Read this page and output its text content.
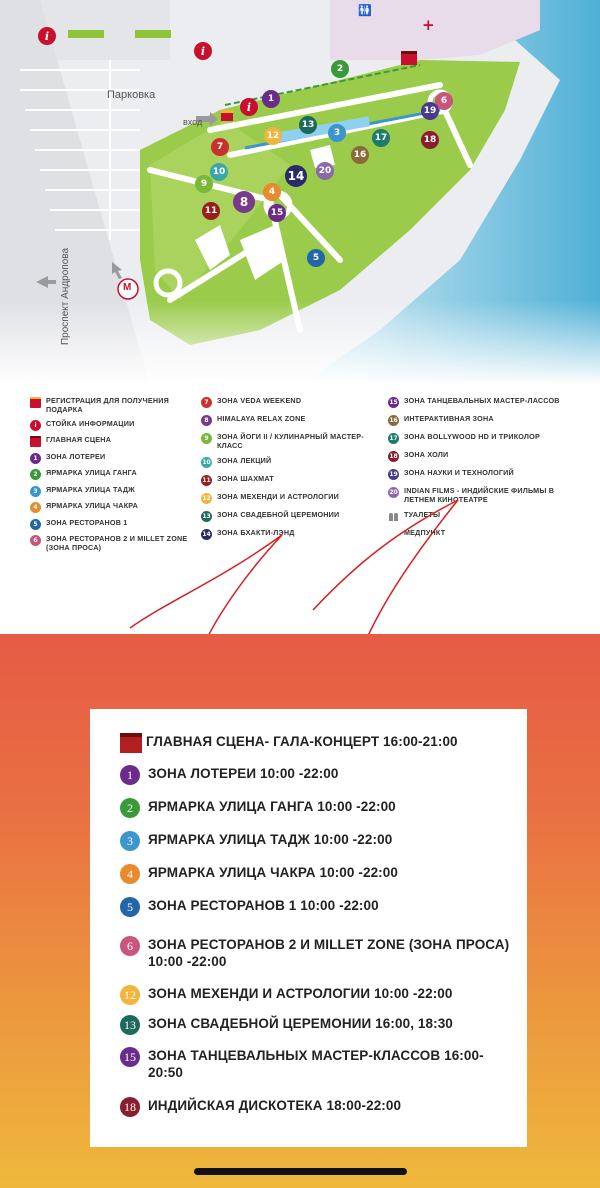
Парковка
вход
Проспект Андропова	М
i
i
i
+
🚻
1
2
3
4
5
6
7
8
9
10
11
12
13
14
15
16
17	18
19
20
РЕГИСТРАЦИЯ ДЛЯ ПОЛУЧЕНИЯ ПОДАРКА
i	СТОЙКА ИНФОРМАЦИИ
ГЛАВНАЯ СЦЕНА
1	ЗОНА ЛОТЕРЕИ
2	ЯРМАРКА УЛИЦА ГАНГА
3	ЯРМАРКА УЛИЦА ТАДЖ
4	ЯРМАРКА УЛИЦА ЧАКРА
5	ЗОНА РЕСТОРАНОВ 1
6	ЗОНА РЕСТОРАНОВ 2 И MILLET ZONE (ЗОНА ПРОСА)
7	ЗОНА VEDA WEEKEND
8	HIMALAYA RELAX ZONE
9	ЗОНА ЙОГИ II / КУЛИНАРНЫЙ МАСТЕР-КЛАСС
10 ЗОНА ЛЕКЦИЙ
11 ЗОНА ШАХМАТ
12 ЗОНА МЕХЕНДИ И АСТРОЛОГИИ
13 ЗОНА СВАДЕБНОЙ ЦЕРЕМОНИИ
14 ЗОНА БХАКТИ-ЛЭНД
15 ЗОНА ТАНЦЕВАЛЬНЫХ МАСТЕР-ЛАССОВ
16 ИНТЕРАКТИВНАЯ ЗОНА
17 ЗОНА BOLLYWOOD HD И ТРИКОЛОР
18 ЗОНА ХОЛИ
19 ЗОНА НАУКИ И ТЕХНОЛОГИЙ
20 INDIAN FILMS - ИНДИЙСКИЕ ФИЛЬМЫ В ЛЕТНЕМ КИНОТЕАТРЕ
ТУАЛЕТЫ
МЕДПУНКТ
ГЛАВНАЯ СЦЕНА- ГАЛА-КОНЦЕРТ 16:00-21:00
1	ЗОНА ЛОТЕРЕИ 10:00 -22:00
2	ЯРМАРКА УЛИЦА ГАНГА 10:00 -22:00
3	ЯРМАРКА УЛИЦА ТАДЖ 10:00 -22:00
4	ЯРМАРКА УЛИЦА ЧАКРА 10:00 -22:00
5	ЗОНА РЕСТОРАНОВ 1 10:00 -22:00
6	ЗОНА РЕСТОРАНОВ 2 И MILLET ZONE (ЗОНА ПРОСА) 10:00 -22:00
12 ЗОНА МЕХЕНДИ И АСТРОЛОГИИ 10:00 -22:00
13 ЗОНА СВАДЕБНОЙ ЦЕРЕМОНИИ 16:00, 18:30
15 ЗОНА ТАНЦЕВАЛЬНЫХ МАСТЕР-КЛАССОВ 16:00-20:50
18 ИНДИЙСКАЯ ДИСКОТЕКА 18:00-22:00
